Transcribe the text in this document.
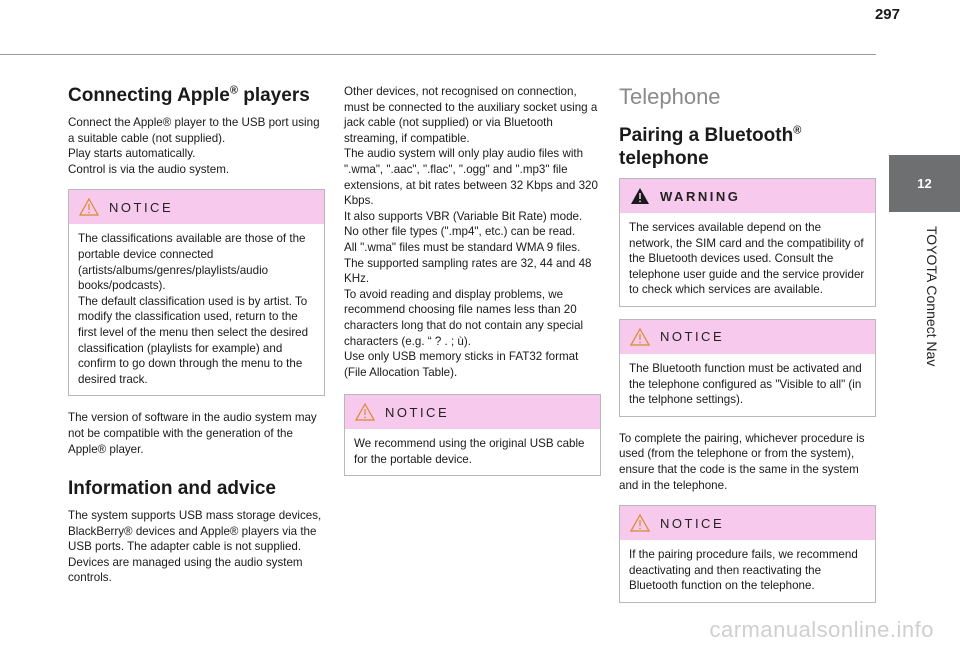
297
12
TOYOTA Connect Nav
Connecting Apple® players

Connect the Apple® player to the USB port using a suitable cable (not supplied).
Play starts automatically.
Control is via the audio system.

NOTICE
The classifications available are those of the portable device connected (artists/albums/genres/playlists/audio books/podcasts).
The default classification used is by artist. To modify the classification used, return to the first level of the menu then select the desired classification (playlists for example) and confirm to go down through the menu to the desired track.

The version of software in the audio system may not be compatible with the generation of the Apple® player.

Information and advice

The system supports USB mass storage devices, BlackBerry® devices and Apple® players via the USB ports. The adapter cable is not supplied.
Devices are managed using the audio system controls.

Other devices, not recognised on connection, must be connected to the auxiliary socket using a jack cable (not supplied) or via Bluetooth streaming, if compatible.
The audio system will only play audio files with ".wma", ".aac", ".flac", ".ogg" and ".mp3" file extensions, at bit rates between 32 Kbps and 320 Kbps.
It also supports VBR (Variable Bit Rate) mode.
No other file types (".mp4", etc.) can be read.
All ".wma" files must be standard WMA 9 files.
The supported sampling rates are 32, 44 and 48 KHz.
To avoid reading and display problems, we recommend choosing file names less than 20 characters long that do not contain any special characters (e.g. “ ? . ; ù).
Use only USB memory sticks in FAT32 format (File Allocation Table).

NOTICE
We recommend using the original USB cable for the portable device.
Telephone
Pairing a Bluetooth®
telephone
WARNING
The services available depend on the network, the SIM card and the compatibility of the Bluetooth devices used. Consult the telephone user guide and the service provider to check which services are available.
NOTICE
The Bluetooth function must be activated and the telephone configured as "Visible to all" (in the telphone settings).

To complete the pairing, whichever procedure is used (from the telephone or from the system), ensure that the code is the same in the system and in the telephone.

NOTICE
If the pairing procedure fails, we recommend deactivating and then reactivating the Bluetooth function on the telephone.
carmanualsonline.info
